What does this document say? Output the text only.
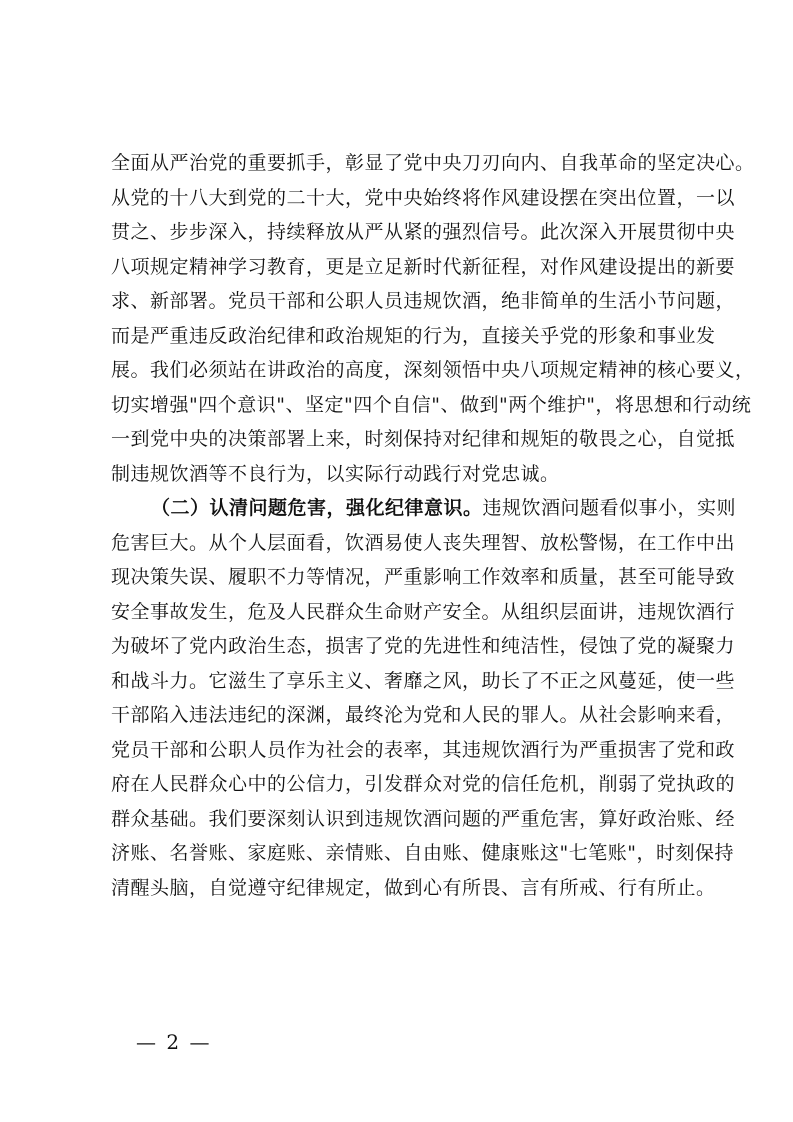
全面从严治党的重要抓手，彰显了党中央刀刃向内、自我革命的坚定决心。
从党的十八大到党的二十大，党中央始终将作风建设摆在突出位置，一以
贯之、步步深入，持续释放从严从紧的强烈信号。此次深入开展贯彻中央
八项规定精神学习教育，更是立足新时代新征程，对作风建设提出的新要
求、新部署。党员干部和公职人员违规饮酒，绝非简单的生活小节问题，
而是严重违反政治纪律和政治规矩的行为，直接关乎党的形象和事业发
展。我们必须站在讲政治的高度，深刻领悟中央八项规定精神的核心要义，
切实增强"四个意识"、坚定"四个自信"、做到"两个维护"，将思想和行动统
一到党中央的决策部署上来，时刻保持对纪律和规矩的敬畏之心，自觉抵
制违规饮酒等不良行为，以实际行动践行对党忠诚。
（二）认清问题危害，强化纪律意识。违规饮酒问题看似事小，实则
危害巨大。从个人层面看，饮酒易使人丧失理智、放松警惕，在工作中出
现决策失误、履职不力等情况，严重影响工作效率和质量，甚至可能导致
安全事故发生，危及人民群众生命财产安全。从组织层面讲，违规饮酒行
为破坏了党内政治生态，损害了党的先进性和纯洁性，侵蚀了党的凝聚力
和战斗力。它滋生了享乐主义、奢靡之风，助长了不正之风蔓延，使一些
干部陷入违法违纪的深渊，最终沦为党和人民的罪人。从社会影响来看，
党员干部和公职人员作为社会的表率，其违规饮酒行为严重损害了党和政
府在人民群众心中的公信力，引发群众对党的信任危机，削弱了党执政的
群众基础。我们要深刻认识到违规饮酒问题的严重危害，算好政治账、经
济账、名誉账、家庭账、亲情账、自由账、健康账这"七笔账"，时刻保持
清醒头脑，自觉遵守纪律规定，做到心有所畏、言有所戒、行有所止。
— 2 —
